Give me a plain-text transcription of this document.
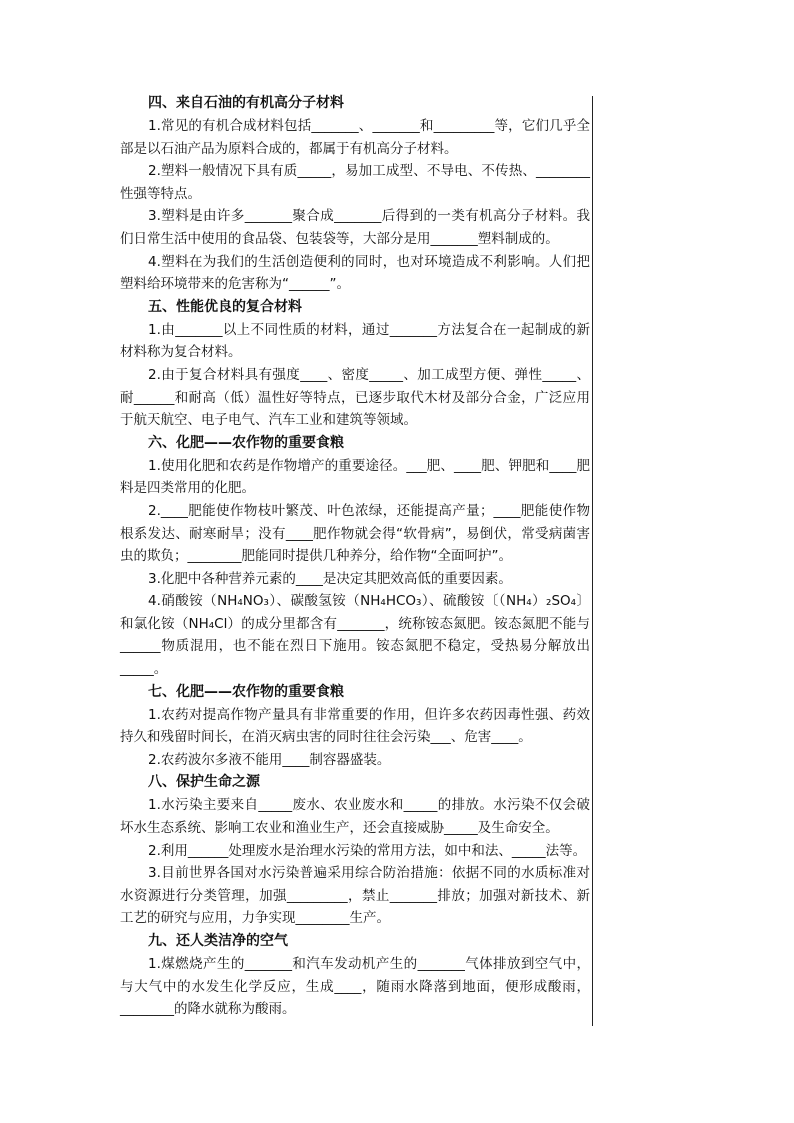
四、来自石油的有机高分子材料

1.常见的有机合成材料包括_______、_______和_________等，它们几乎全部是以石油产品为原料合成的，都属于有机高分子材料。

2.塑料一般情况下具有质_____，易加工成型、不导电、不传热、________性强等特点。

3.塑料是由许多_______聚合成_______后得到的一类有机高分子材料。我们日常生活中使用的食品袋、包装袋等，大部分是用_______塑料制成的。

4.塑料在为我们的生活创造便利的同时，也对环境造成不利影响。人们把塑料给环境带来的危害称为“______”。

五、性能优良的复合材料

1.由_______以上不同性质的材料，通过_______方法复合在一起制成的新材料称为复合材料。

2.由于复合材料具有强度____、密度_____、加工成型方便、弹性_____、耐______和耐高（低）温性好等特点，已逐步取代木材及部分合金，广泛应用于航天航空、电子电气、汽车工业和建筑等领域。

六、化肥——农作物的重要食粮

1.使用化肥和农药是作物增产的重要途径。___肥、____肥、钾肥和____肥料是四类常用的化肥。

2.____肥能使作物枝叶繁茂、叶色浓绿，还能提高产量；____肥能使作物根系发达、耐寒耐旱；没有____肥作物就会得“软骨病”，易倒伏，常受病菌害虫的欺负；________肥能同时提供几种养分，给作物“全面呵护”。

3.化肥中各种营养元素的____是决定其肥效高低的重要因素。

4.硝酸铵（NH₄NO₃）、碳酸氢铵（NH₄HCO₃）、硫酸铵〔（NH₄）₂SO₄〕和氯化铵（NH₄Cl）的成分里都含有_______，统称铵态氮肥。铵态氮肥不能与______物质混用，也不能在烈日下施用。铵态氮肥不稳定，受热易分解放出_____。

七、化肥——农作物的重要食粮

1.农药对提高作物产量具有非常重要的作用，但许多农药因毒性强、药效持久和残留时间长，在消灭病虫害的同时往往会污染___、危害____。

2.农药波尔多液不能用____制容器盛装。

八、保护生命之源

1.水污染主要来自_____废水、农业废水和_____的排放。水污染不仅会破坏水生态系统、影响工农业和渔业生产，还会直接威胁_____及生命安全。

2.利用______处理废水是治理水污染的常用方法，如中和法、_____法等。

3.目前世界各国对水污染普遍采用综合防治措施：依据不同的水质标准对水资源进行分类管理，加强_________，禁止_______排放；加强对新技术、新工艺的研究与应用，力争实现________生产。

九、还人类洁净的空气

1.煤燃烧产生的_______和汽车发动机产生的_______气体排放到空气中，与大气中的水发生化学反应，生成____，随雨水降落到地面，便形成酸雨，________的降水就称为酸雨。
